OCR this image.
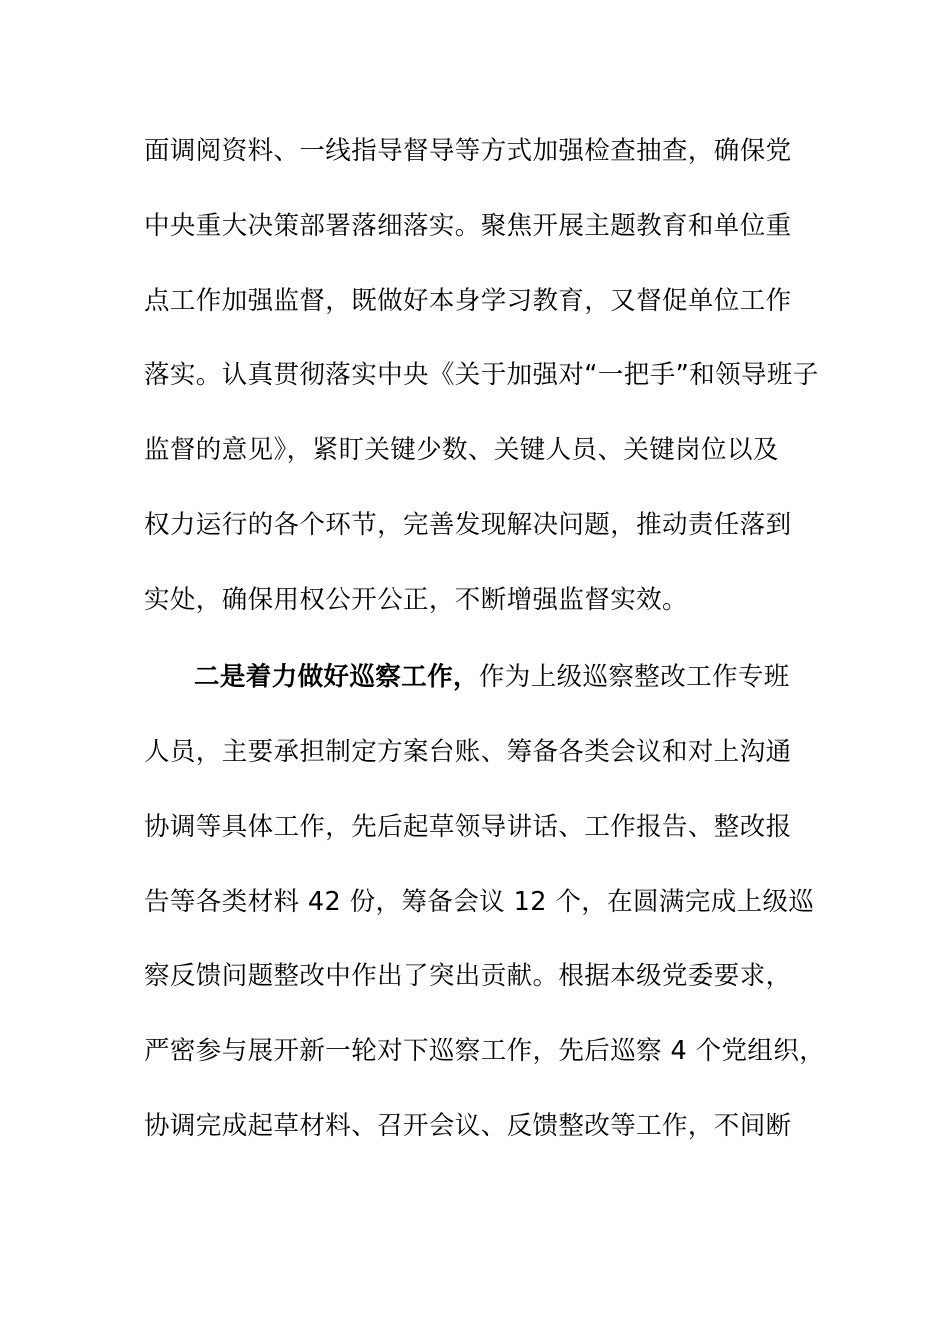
面调阅资料、一线指导督导等方式加强检查抽查，确保党
中央重大决策部署落细落实。聚焦开展主题教育和单位重
点工作加强监督，既做好本身学习教育，又督促单位工作
落实。认真贯彻落实中央《关于加强对“一把手”和领导班子
监督的意见》，紧盯关键少数、关键人员、关键岗位以及
权力运行的各个环节，完善发现解决问题，推动责任落到
实处，确保用权公开公正，不断增强监督实效。
二是着力做好巡察工作，作为上级巡察整改工作专班
人员，主要承担制定方案台账、筹备各类会议和对上沟通
协调等具体工作，先后起草领导讲话、工作报告、整改报
告等各类材料 42 份，筹备会议 12 个，在圆满完成上级巡
察反馈问题整改中作出了突出贡献。根据本级党委要求，
严密参与展开新一轮对下巡察工作，先后巡察 4 个党组织，
协调完成起草材料、召开会议、反馈整改等工作，不间断
